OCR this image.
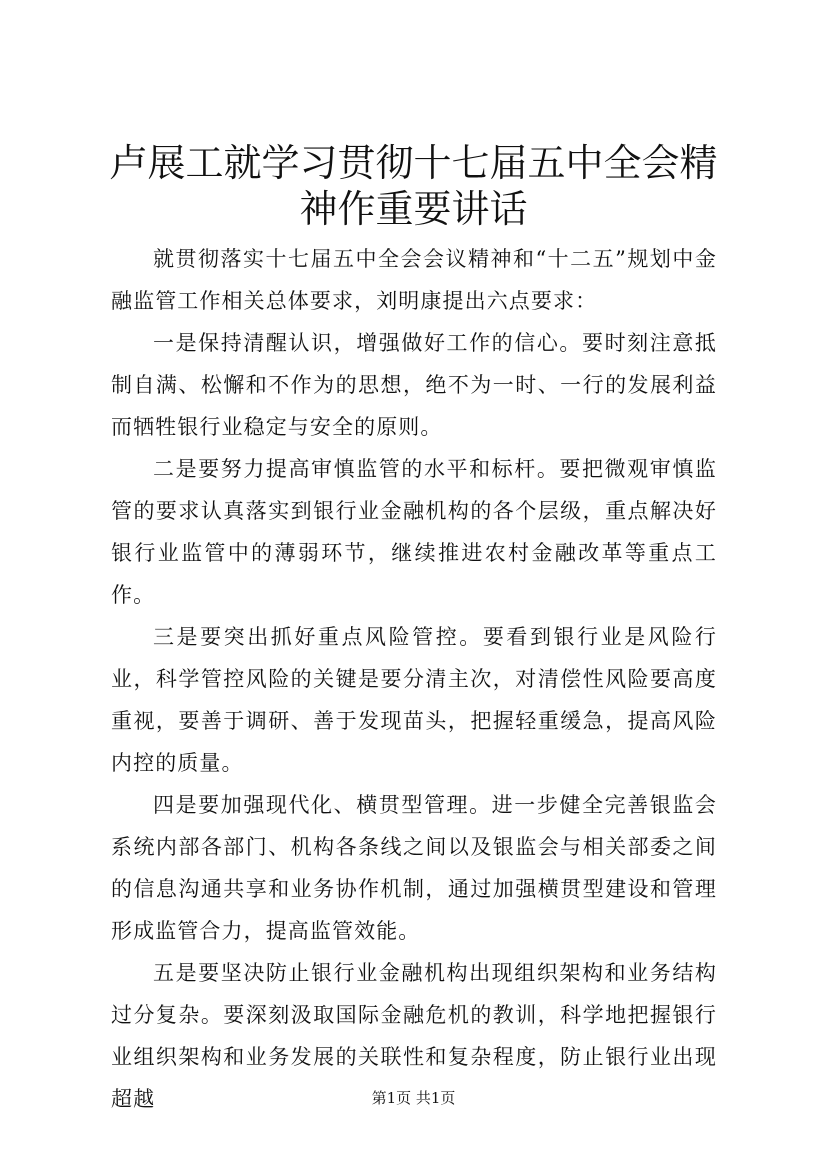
卢展工就学习贯彻十七届五中全会精神作重要讲话

就贯彻落实十七届五中全会会议精神和“十二五”规划中金融监管工作相关总体要求，刘明康提出六点要求：

一是保持清醒认识，增强做好工作的信心。要时刻注意抵制自满、松懈和不作为的思想，绝不为一时、一行的发展利益而牺牲银行业稳定与安全的原则。

二是要努力提高审慎监管的水平和标杆。要把微观审慎监管的要求认真落实到银行业金融机构的各个层级，重点解决好银行业监管中的薄弱环节，继续推进农村金融改革等重点工作。

三是要突出抓好重点风险管控。要看到银行业是风险行业，科学管控风险的关键是要分清主次，对清偿性风险要高度重视，要善于调研、善于发现苗头，把握轻重缓急，提高风险内控的质量。

四是要加强现代化、横贯型管理。进一步健全完善银监会系统内部各部门、机构各条线之间以及银监会与相关部委之间的信息沟通共享和业务协作机制，通过加强横贯型建设和管理形成监管合力，提高监管效能。

五是要坚决防止银行业金融机构出现组织架构和业务结构过分复杂。要深刻汲取国际金融危机的教训，科学地把握银行业组织架构和业务发展的关联性和复杂程度，防止银行业出现超越	第1页 共1页
